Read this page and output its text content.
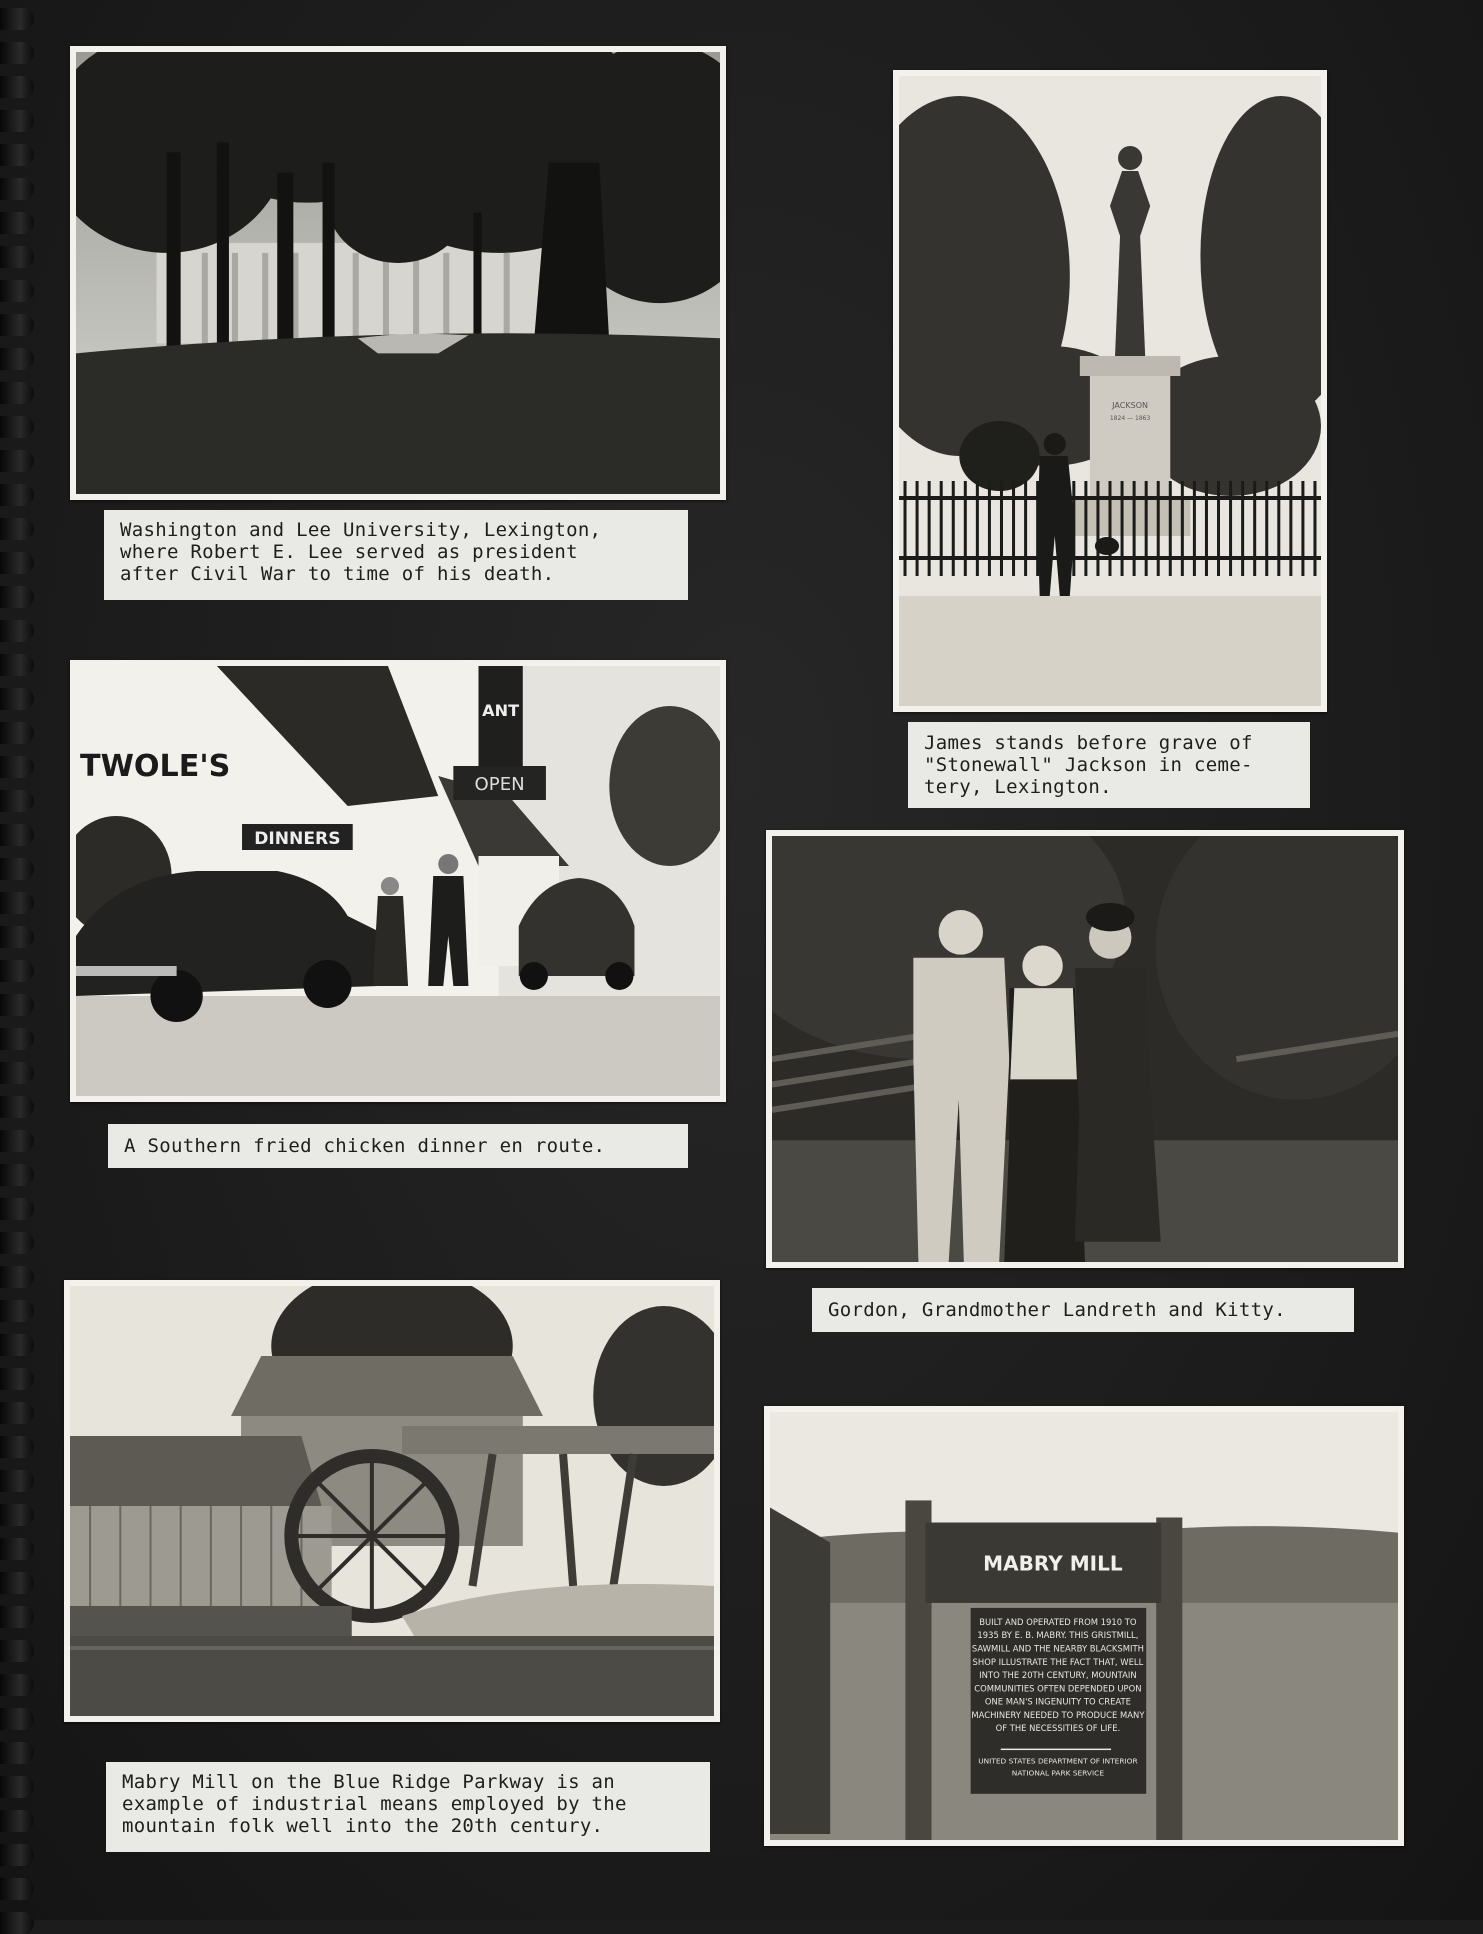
Washington and Lee University, Lexington,
where Robert E. Lee served as president
after Civil War to time of his death.
JACKSON
1824 — 1863
James stands before grave of
"Stonewall" Jackson in ceme-
tery, Lexington.
TWOLE'S
DINNERS
ANT
OPEN
A Southern fried chicken dinner en route.
Gordon, Grandmother Landreth and Kitty.
Mabry Mill on the Blue Ridge Parkway is an
example of industrial means employed by the
mountain folk well into the 20th century.
MABRY MILL
BUILT AND OPERATED FROM 1910 TO
1935 BY E. B. MABRY. THIS GRISTMILL,
SAWMILL AND THE NEARBY BLACKSMITH
SHOP ILLUSTRATE THE FACT THAT, WELL
INTO THE 20TH CENTURY, MOUNTAIN
COMMUNITIES OFTEN DEPENDED UPON
ONE MAN'S INGENUITY TO CREATE
MACHINERY NEEDED TO PRODUCE MANY
OF THE NECESSITIES OF LIFE.
UNITED STATES DEPARTMENT OF INTERIOR
NATIONAL PARK SERVICE
